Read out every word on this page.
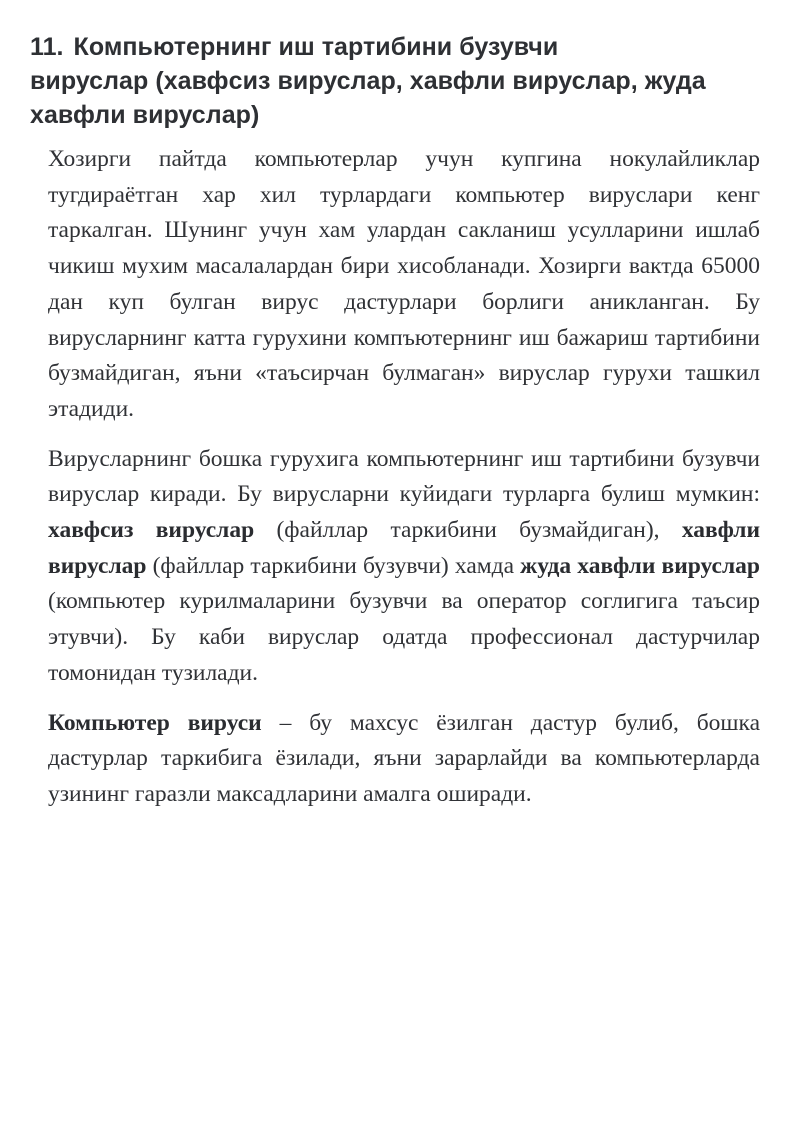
11. Компьютернинг иш тартибини бузувчи
вируслар (хавфсиз вируслар, хавфли вируслар, жуда
хавфли вируслар)

Хозирги пайтда компьютерлар учун купгина нокулайликлар тугдираётган хар хил турлардаги компьютер вируслари кенг таркалган. Шунинг учун хам улардан сакланиш усулларини ишлаб чикиш мухим масалалардан бири хисобланади. Хозирги вактда 65000 дан куп булган вирус дастурлари борлиги аникланган. Бу вирусларнинг катта гурухини компъютернинг иш бажариш тартибини бузмайдиган, яъни «таъсирчан булмаган» вируслар гурухи ташкил этадиди.

Вирусларнинг бошка гурухига компьютернинг иш тартибини бузувчи вируслар киради. Бу вирусларни куйидаги турларга булиш мумкин: хавфсиз вируслар (файллар таркибини бузмайдиган), хавфли вируслар (файллар таркибини бузувчи) хамда жуда хавфли вируслар (компьютер курилмаларини бузувчи ва оператор соглигига таъсир этувчи). Бу каби вируслар одатда профессионал дастурчилар томонидан тузилади.

Компьютер вируси – бу махсус ёзилган дастур булиб, бошка дастурлар таркибига ёзилади, яъни зарарлайди ва компьютерларда узининг гаразли максадларини амалга оширади.
